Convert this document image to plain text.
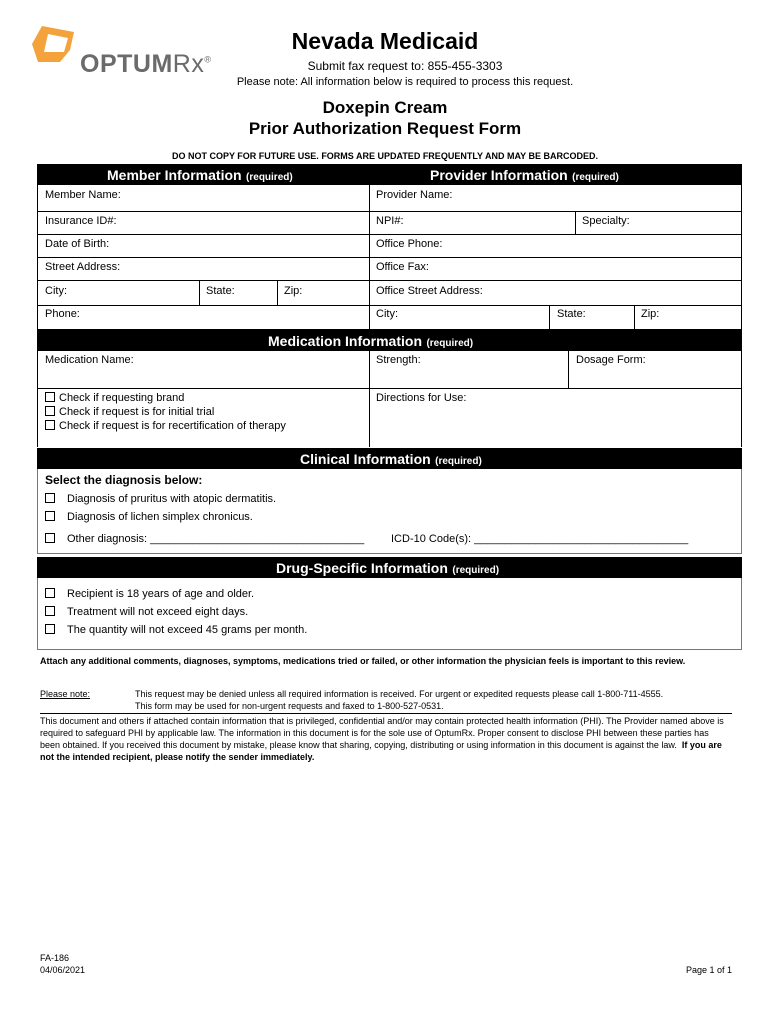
OPTUMRx®
Nevada Medicaid
Submit fax request to: 855-455-3303
Please note: All information below is required to process this request.
Doxepin Cream
Prior Authorization Request Form
DO NOT COPY FOR FUTURE USE. FORMS ARE UPDATED FREQUENTLY AND MAY BE BARCODED.
Member Information (required)	Provider Information (required)
Member Name:
Insurance ID#:
Date of Birth:
Street Address:
City:	State:	Zip:
Phone:
Provider Name:
NPI#:	Specialty:
Office Phone:
Office Fax:
Office Street Address:
City:	State:	Zip:
Medication Information (required)
Medication Name:	Strength:	Dosage Form:
Directions for Use:
Check if requesting brand
Check if request is for initial trial
Check if request is for recertification of therapy
Clinical Information (required)
Select the diagnosis below:
Diagnosis of pruritus with atopic dermatitis.
Diagnosis of lichen simplex chronicus.
Other diagnosis: ___________________________________ ICD-10 Code(s): ___________________________________
Drug-Specific Information (required)
Recipient is 18 years of age and older.
Treatment will not exceed eight days.
The quantity will not exceed 45 grams per month.
Attach any additional comments, diagnoses, symptoms, medications tried or failed, or other information the physician feels is important to this review.
Please note:	This request may be denied unless all required information is received. For urgent or expedited requests please call 1-800-711-4555.
This form may be used for non-urgent requests and faxed to 1-800-527-0531.
This document and others if attached contain information that is privileged, confidential and/or may contain protected health information (PHI). The Provider named above is required to safeguard PHI by applicable law. The information in this document is for the sole use of OptumRx. Proper consent to disclose PHI between these parties has been obtained. If you received this document by mistake, please know that sharing, copying, distributing or using information in this document is against the law. If you are not the intended recipient, please notify the sender immediately.
FA-186
04/06/2021	Page 1 of 1
